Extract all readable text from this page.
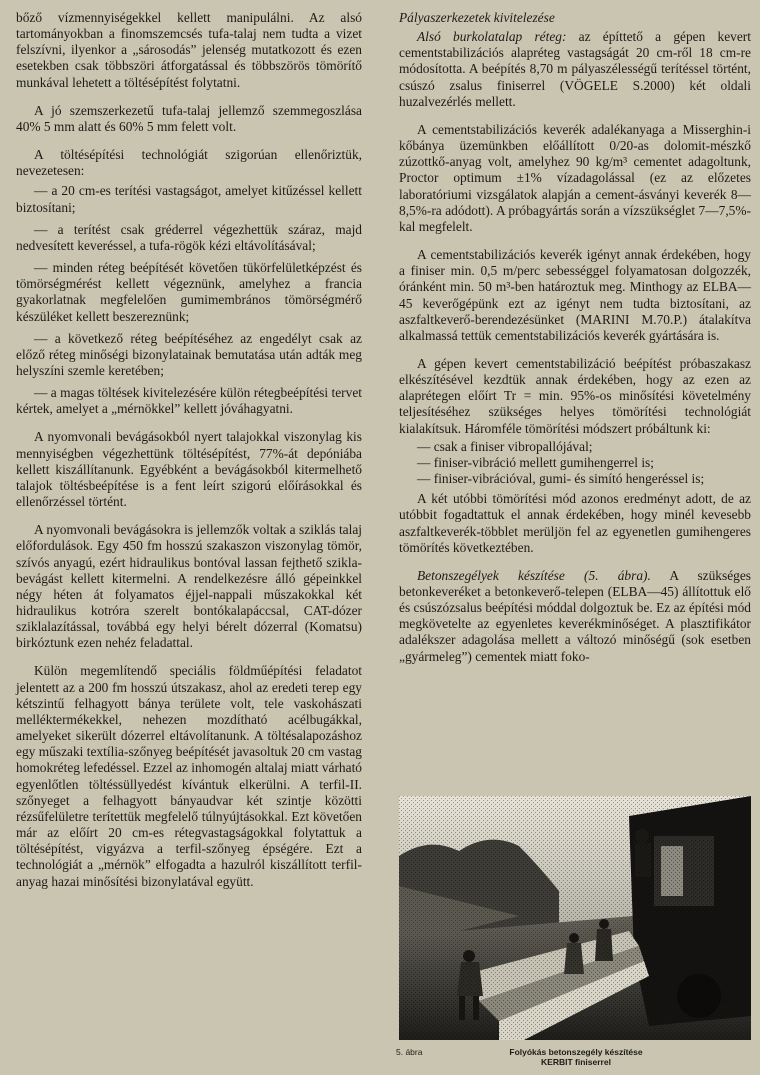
bőző vízmennyiségekkel kellett manipulálni. Az alsó tartományokban a finomszemcsés tufa-talaj nem tudta a vizet felszívni, ilyenkor a „sárosodás” jelenség mutatkozott és ezen esetekben csak többszöri átforgatással és többszörös tömörítő munkával lehetett a töltésépítést folytatni.

A jó szemszerkezetű tufa-talaj jellemző szemmegoszlása 40% 5 mm alatt és 60% 5 mm felett volt.

A töltésépítési technológiát szigorúan ellenőriztük, nevezetesen:

— a 20 cm-es terítési vastagságot, amelyet kitűzéssel kellett biztosítani;

— a terítést csak gréderrel végezhettük száraz, majd nedvesített keveréssel, a tufa-rögök kézi eltávolításával;

— minden réteg beépítését követően tükörfelületképzést és tömörségmérést kellett végeznünk, amelyhez a francia gyakorlatnak megfelelően gumimembrános tömörségmérő készüléket kellett beszereznünk;

— a következő réteg beépítéséhez az engedélyt csak az előző réteg minőségi bizonylatainak bemutatása után adták meg helyszíni szemle keretében;

— a magas töltések kivitelezésére külön rétegbeépítési tervet kértek, amelyet a „mérnökkel” kellett jóváhagyatni.

A nyomvonali bevágásokból nyert talajokkal viszonylag kis mennyiségben végezhettünk töltésépítést, 77%-át depóniába kellett kiszállítanunk. Egyébként a bevágásokból kitermelhető talajok töltésbeépítése is a fent leírt szigorú előírásokkal és ellenőrzéssel történt.

A nyomvonali bevágásokra is jellemzők voltak a sziklás talaj előfordulások. Egy 450 fm hosszú szakaszon viszonylag tömör, szívós anyagú, ezért hidraulikus bontóval lassan fejthető szikla-bevágást kellett kitermelni. A rendelkezésre álló gépeinkkel négy héten át folyamatos éjjel-nappali műszakokkal két hidraulikus kotróra szerelt bontókalapáccsal, CAT-dózer sziklalazítással, továbbá egy helyi bérelt dózerral (Komatsu) birkóztunk ezen nehéz feladattal.

Külön megemlítendő speciális földműépítési feladatot jelentett az a 200 fm hosszú útszakasz, ahol az eredeti terep egy kétszintű felhagyott bánya területe volt, tele vaskohászati melléktermékekkel, nehezen mozdítható acélbugákkal, amelyeket sikerült dózerrel eltávolítanunk. A töltésalapozáshoz egy műszaki textília-szőnyeg beépítését javasoltuk 20 cm vastag homokréteg lefedéssel. Ezzel az inhomogén altalaj miatt várható egyenlőtlen töltéssüllyedést kívántuk elkerülni. A terfil-II. szőnyeget a felhagyott bányaudvar két szintje közötti rézsűfelületre terítettük megfelelő túlnyújtásokkal. Ezt követően már az előírt 20 cm-es rétegvastagságokkal folytattuk a töltésépítést, vigyázva a terfil-szőnyeg épségére. Ezt a technológiát a „mérnök” elfogadta a hazulról kiszállított terfil-anyag hazai minősítési bizonylatával együtt.

Pályaszerkezetek kivitelezése

Alsó burkolatalap réteg: az építtető a gépen kevert cementstabilizációs alapréteg vastagságát 20 cm-ről 18 cm-re módosította. A beépítés 8,70 m pályaszélességű terítéssel történt, csúszó zsalus finiserrel (VÖGELE S.2000) két oldali huzalvezérlés mellett.

A cementstabilizációs keverék adalékanyaga a Misserghin-i kőbánya üzemünkben előállított 0/20-as dolomit-mészkő zúzottkő-anyag volt, amelyhez 90 kg/m³ cementet adagoltunk, Proctor optimum ±1% vízadagolással (ez az előzetes laboratóriumi vizsgálatok alapján a cement-ásványi keverék 8—8,5%-ra adódott). A próbagyártás során a vízszükséglet 7—7,5%-kal megfelelt.

A cementstabilizációs keverék igényt annak érdekében, hogy a finiser min. 0,5 m/perc sebességgel folyamatosan dolgozzék, óránként min. 50 m³-ben határoztuk meg. Minthogy az ELBA—45 keverőgépünk ezt az igényt nem tudta biztosítani, az aszfaltkeverő-berendezésünket (MARINI M.70.P.) átalakítva alkalmassá tettük cementstabilizációs keverék gyártására is.

A gépen kevert cementstabilizáció beépítést próbaszakasz elkészítésével kezdtük annak érdekében, hogy az ezen az alaprétegen előírt Tr = min. 95%-os minősítési követelmény teljesítéséhez szükséges helyes tömörítési technológiát kialakítsuk. Háromféle tömörítési módszert próbáltunk ki:

— csak a finiser vibropallójával;
— finiser-vibráció mellett gumihengerrel is;
— finiser-vibrációval, gumi- és simító hengeréssel is;

A két utóbbi tömörítési mód azonos eredményt adott, de az utóbbit fogadtattuk el annak érdekében, hogy minél kevesebb aszfaltkeverék-többlet merüljön fel az egyenetlen gumihengeres tömörítés következtében.

Betonszegélyek készítése (5. ábra). A szükséges betonkeveréket a betonkeverő-telepen (ELBA—45) állítottuk elő és csúszózsalus beépítési móddal dolgoztuk be. Ez az építési mód megkövetelte az egyenletes keverékminőséget. A plasztifikátor adalékszer adagolása mellett a változó minőségű (sok esetben „gyármeleg”) cementek miatt foko-

5. ábra	Folyókás betonszegély készítése
KERBIT finiserrel
